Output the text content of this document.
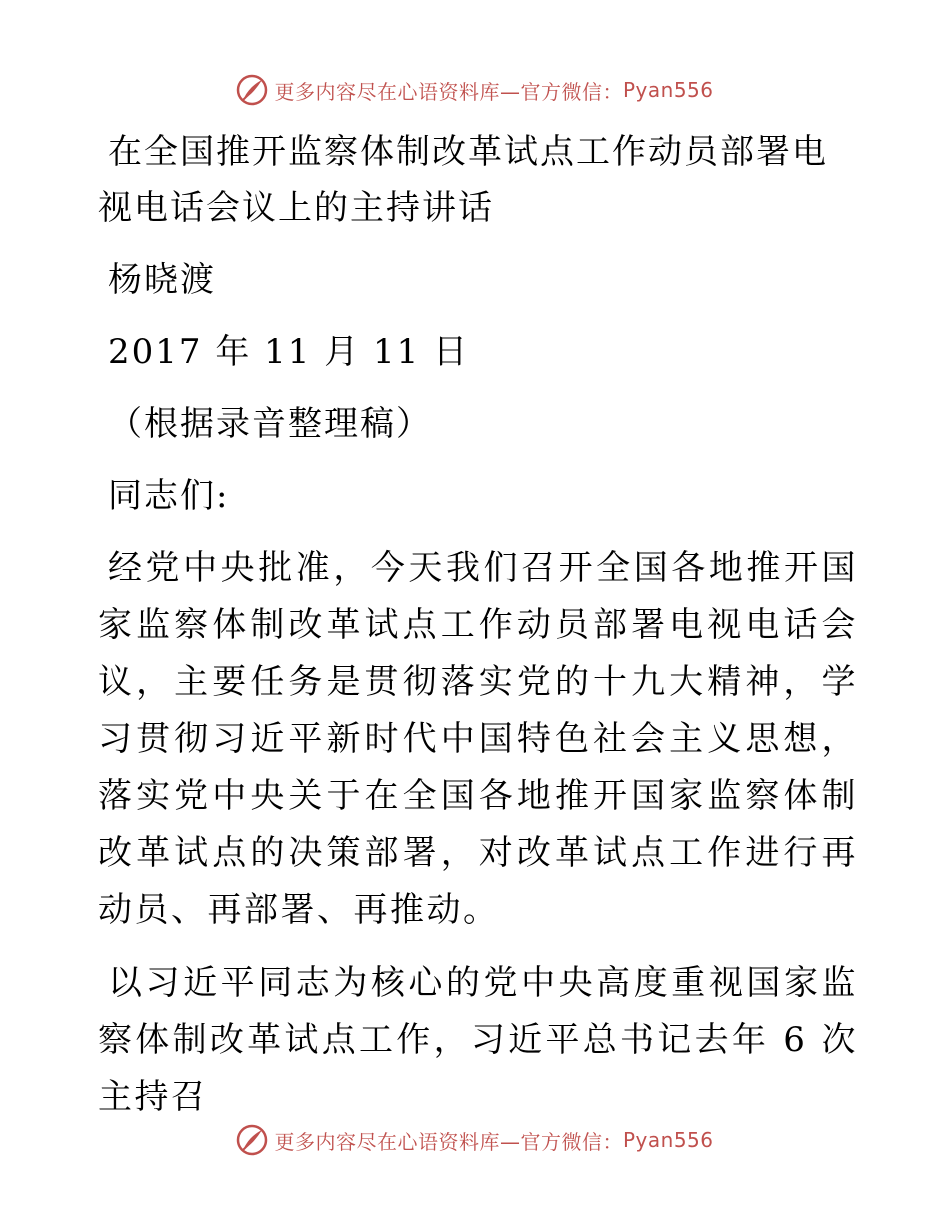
更多内容尽在心语资料库—官方微信： Pyan556
在全国推开监察体制改革试点工作动员部署电视电话会议上的主持讲话
杨晓渡
2017 年 11 月 11 日
（根据录音整理稿）
同志们:
经党中央批准，今天我们召开全国各地推开国家监察体制改革试点工作动员部署电视电话会议，主要任务是贯彻落实党的十九大精神，学习贯彻习近平新时代中国特色社会主义思想，落实党中央关于在全国各地推开国家监察体制改革试点的决策部署，对改革试点工作进行再动员、再部署、再推动。
以习近平同志为核心的党中央高度重视国家监察体制改革试点工作，习近平总书记去年 6 次主持召
更多内容尽在心语资料库—官方微信： Pyan556
